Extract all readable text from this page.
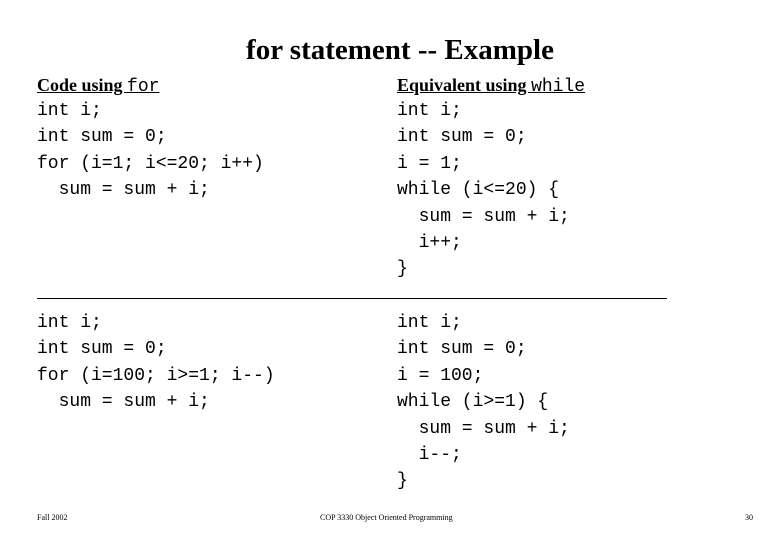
for statement -- Example
Code using for
int i;
int sum = 0;
for (i=1; i<=20; i++)
sum = sum + i;
Equivalent using while
int i;
int sum = 0;
i = 1;
while (i<=20) {
sum = sum + i;
i++;
}
int i;
int sum = 0;
for (i=100; i>=1; i--)
sum = sum + i;
int i;
int sum = 0;
i = 100;
while (i>=1) {
sum = sum + i;
i--;
}
Fall 2002	COP 3330 Object Oriented Programming	30
